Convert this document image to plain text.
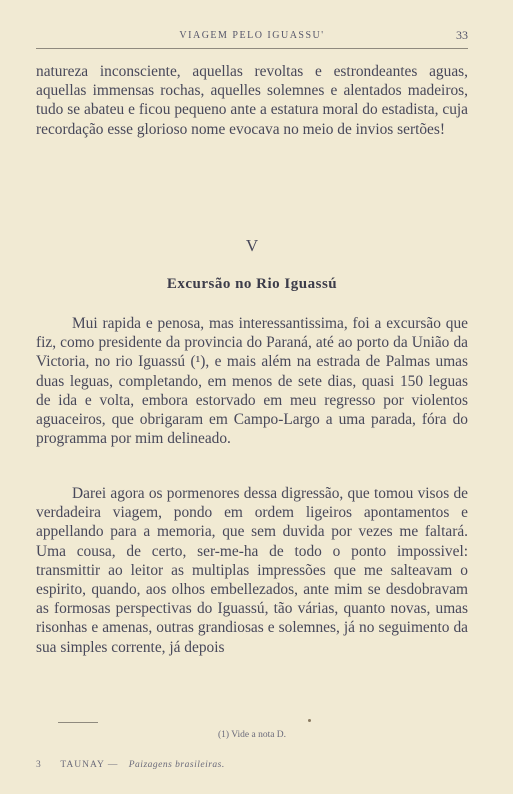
VIAGEM PELO IGUASSU'	33

natureza inconsciente, aquellas revoltas e estrondeantes aguas, aquellas immensas rochas, aquelles solemnes e alentados madeiros, tudo se abateu e ficou pequeno ante a estatura moral do estadista, cuja recordação esse glorioso nome evocava no meio de invios sertões!

V
Excursão no Rio Iguassú

Mui rapida e penosa, mas interessantissima, foi a excursão que fiz, como presidente da provincia do Paraná, até ao porto da União da Victoria, no rio Iguassú (¹), e mais além na estrada de Palmas umas duas leguas, completando, em menos de sete dias, quasi 150 leguas de ida e volta, embora estorvado em meu regresso por violentos aguaceiros, que obrigaram em Campo-Largo a uma parada, fóra do programma por mim delineado.

Darei agora os pormenores dessa digressão, que tomou visos de verdadeira viagem, pondo em ordem ligeiros apontamentos e appellando para a memoria, que sem duvida por vezes me faltará. Uma cousa, de certo, ser-me-ha de todo o ponto impossivel: transmittir ao leitor as multiplas impressões que me salteavam o espirito, quando, aos olhos embellezados, ante mim se desdobravam as formosas perspectivas do Iguassú, tão várias, quanto novas, umas risonhas e amenas, outras grandiosas e solemnes, já no seguimento da sua simples corrente, já depois

(1) Vide a nota D.
3 TAUNAY — Paizagens brasileiras.
